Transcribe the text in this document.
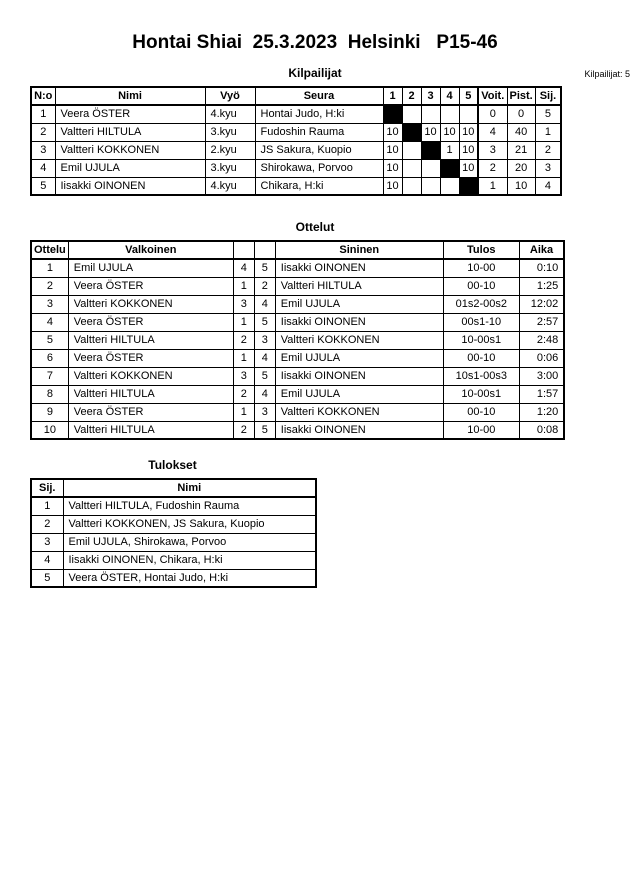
Hontai Shiai  25.3.2023  Helsinki   P15-46
Kilpailijat	Kilpailijat: 5
N:o	Nimi	Vyö	Seura	1	2	3	4	5	Voit.	Pist.	Sij.
1	Veera ÖSTER	4.kyu	Hontai Judo, H:ki						0	0	5
2	Valtteri HILTULA	3.kyu	Fudoshin Rauma	10		10	10	10	4	40	1
3	Valtteri KOKKONEN	2.kyu	JS Sakura, Kuopio	10			1	10	3	21	2
4	Emil UJULA	3.kyu	Shirokawa, Porvoo	10				10	2	20	3
5	Iisakki OINONEN	4.kyu	Chikara, H:ki	10					1	10	4
Ottelut
Ottelu	Valkoinen			Sininen	Tulos	Aika
1	Emil UJULA	4	5	Iisakki OINONEN	10-00	0:10
2	Veera ÖSTER	1	2	Valtteri HILTULA	00-10	1:25
3	Valtteri KOKKONEN	3	4	Emil UJULA	01s2-00s2	12:02
4	Veera ÖSTER	1	5	Iisakki OINONEN	00s1-10	2:57
5	Valtteri HILTULA	2	3	Valtteri KOKKONEN	10-00s1	2:48
6	Veera ÖSTER	1	4	Emil UJULA	00-10	0:06
7	Valtteri KOKKONEN	3	5	Iisakki OINONEN	10s1-00s3	3:00
8	Valtteri HILTULA	2	4	Emil UJULA	10-00s1	1:57
9	Veera ÖSTER	1	3	Valtteri KOKKONEN	00-10	1:20
10	Valtteri HILTULA	2	5	Iisakki OINONEN	10-00	0:08
Tulokset
Sij.	Nimi
1	Valtteri HILTULA, Fudoshin Rauma
2	Valtteri KOKKONEN, JS Sakura, Kuopio
3	Emil UJULA, Shirokawa, Porvoo
4	Iisakki OINONEN, Chikara, H:ki
5	Veera ÖSTER, Hontai Judo, H:ki
